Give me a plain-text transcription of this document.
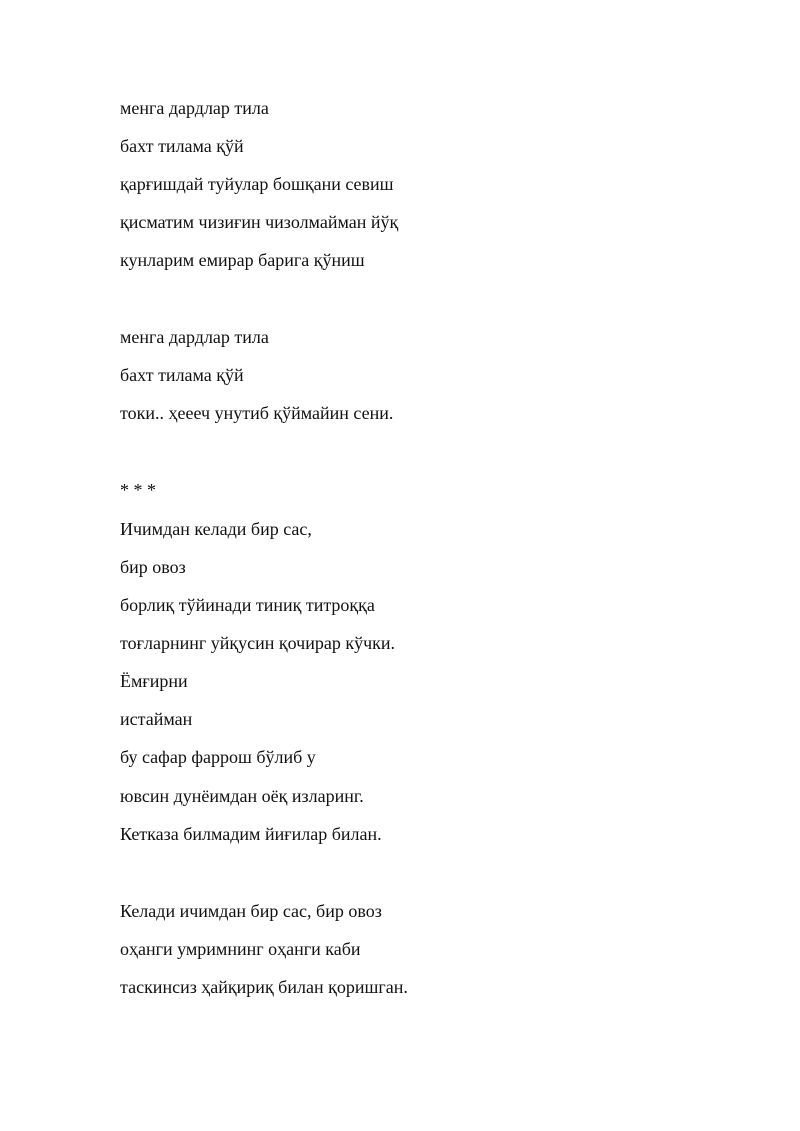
менга дардлар тила
бахт тилама қўй
қарғишдай туйулар бошқани севиш
қисматим чизиғин чизолмайман йўқ
кунларим емирар барига қўниш
менга дардлар тила
бахт тилама қўй
токи.. ҳеееч унутиб қўймайин сени.
* * *
Ичимдан келади бир сас,
бир овоз
борлиқ тўйинади тиниқ титроққа
тоғларнинг уйқусин қочирар кўчки.
Ёмғирни
истайман
бу сафар фаррош бўлиб у
ювсин дунёимдан оёқ изларинг.
Кетказа билмадим йиғилар билан.
Келади ичимдан бир сас, бир овоз
оҳанги умримнинг оҳанги каби
таскинсиз ҳайқириқ билан қоришган.
